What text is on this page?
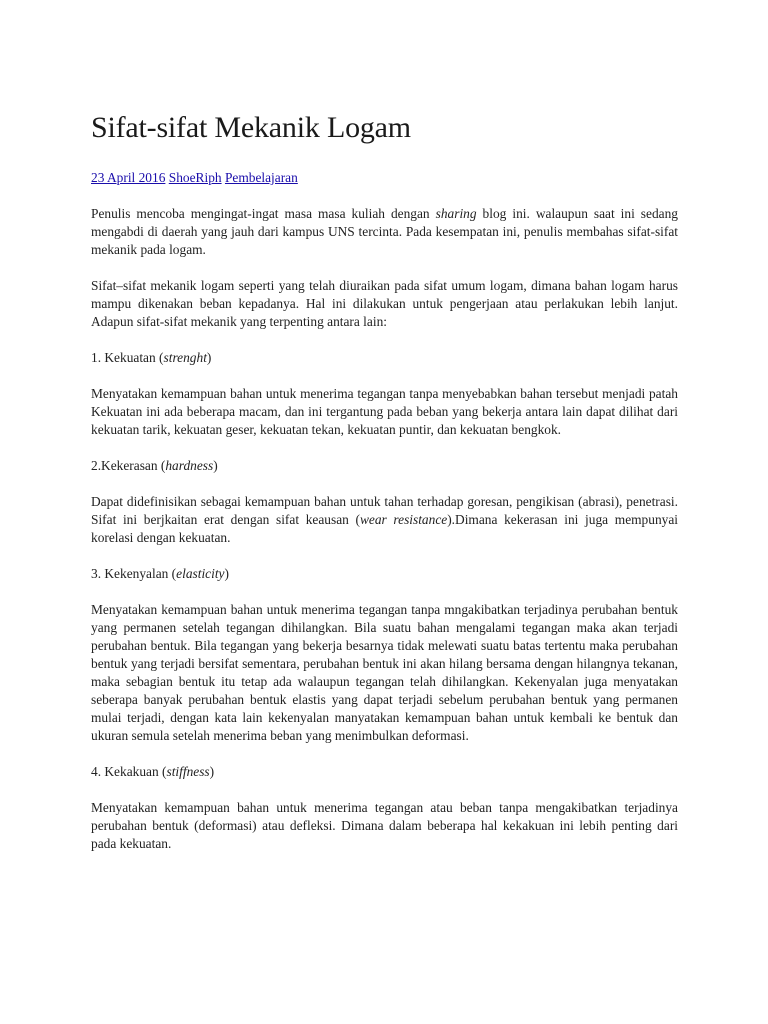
Sifat-sifat Mekanik Logam
23 April 2016 ShoeRiph Pembelajaran

Penulis mencoba mengingat-ingat masa masa kuliah dengan sharing blog ini. walaupun saat ini sedang mengabdi di daerah yang jauh dari kampus UNS tercinta. Pada kesempatan ini, penulis membahas sifat-sifat mekanik pada logam.

Sifat–sifat mekanik logam seperti yang telah diuraikan pada sifat umum logam, dimana bahan logam harus mampu dikenakan beban kepadanya. Hal ini dilakukan untuk pengerjaan atau perlakukan lebih lanjut. Adapun sifat-sifat mekanik yang terpenting antara lain:

1. Kekuatan (strenght)

Menyatakan kemampuan bahan untuk menerima tegangan tanpa menyebabkan bahan tersebut menjadi patah Kekuatan ini ada beberapa macam, dan ini tergantung pada beban yang bekerja antara lain dapat dilihat dari kekuatan tarik, kekuatan geser, kekuatan tekan, kekuatan puntir, dan kekuatan bengkok.

2.Kekerasan (hardness)

Dapat didefinisikan sebagai kemampuan bahan untuk tahan terhadap goresan, pengikisan (abrasi), penetrasi. Sifat ini berjkaitan erat dengan sifat keausan (wear resistance).Dimana kekerasan ini juga mempunyai korelasi dengan kekuatan.

3. Kekenyalan (elasticity)

Menyatakan kemampuan bahan untuk menerima tegangan tanpa mngakibatkan terjadinya perubahan bentuk yang permanen setelah tegangan dihilangkan. Bila suatu bahan mengalami tegangan maka akan terjadi perubahan bentuk. Bila tegangan yang bekerja besarnya tidak melewati suatu batas tertentu maka perubahan bentuk yang terjadi bersifat sementara, perubahan bentuk ini akan hilang bersama dengan hilangnya tekanan, maka sebagian bentuk itu tetap ada walaupun tegangan telah dihilangkan. Kekenyalan juga menyatakan seberapa banyak perubahan bentuk elastis yang dapat terjadi sebelum perubahan bentuk yang permanen mulai terjadi, dengan kata lain kekenyalan manyatakan kemampuan bahan untuk kembali ke bentuk dan ukuran semula setelah menerima beban yang menimbulkan deformasi.

4. Kekakuan (stiffness)

Menyatakan kemampuan bahan untuk menerima tegangan atau beban tanpa mengakibatkan terjadinya perubahan bentuk (deformasi) atau defleksi. Dimana dalam beberapa hal kekakuan ini lebih penting dari pada kekuatan.
